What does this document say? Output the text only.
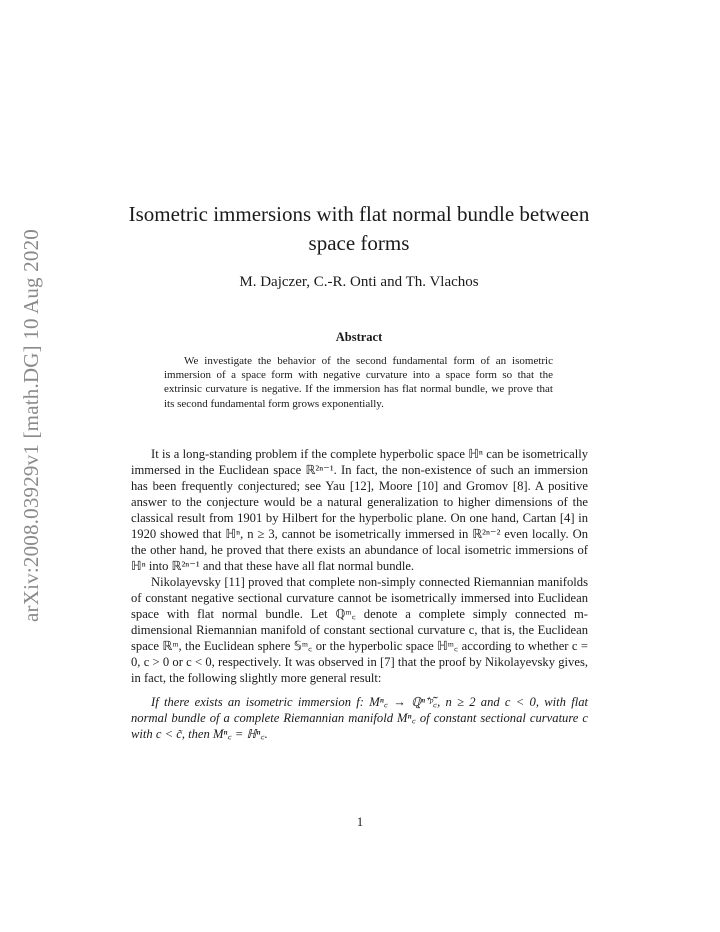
arXiv:2008.03929v1 [math.DG] 10 Aug 2020
Isometric immersions with flat normal bundle between space forms
M. Dajczer, C.-R. Onti and Th. Vlachos
Abstract
We investigate the behavior of the second fundamental form of an isometric immersion of a space form with negative curvature into a space form so that the extrinsic curvature is negative. If the immersion has flat normal bundle, we prove that its second fundamental form grows exponentially.

It is a long-standing problem if the complete hyperbolic space ℍⁿ can be isometrically immersed in the Euclidean space ℝ²ⁿ⁻¹. In fact, the non-existence of such an immersion has been frequently conjectured; see Yau [12], Moore [10] and Gromov [8]. A positive answer to the conjecture would be a natural generalization to higher dimensions of the classical result from 1901 by Hilbert for the hyperbolic plane. On one hand, Cartan [4] in 1920 showed that ℍⁿ, n ≥ 3, cannot be isometrically immersed in ℝ²ⁿ⁻² even locally. On the other hand, he proved that there exists an abundance of local isometric immersions of ℍⁿ into ℝ²ⁿ⁻¹ and that these have all flat normal bundle.

Nikolayevsky [11] proved that complete non-simply connected Riemannian manifolds of constant negative sectional curvature cannot be isometrically immersed into Euclidean space with flat normal bundle. Let ℚᵐ꜀ denote a complete simply connected m-dimensional Riemannian manifold of constant sectional curvature c, that is, the Euclidean space ℝᵐ, the Euclidean sphere 𝕊ᵐ꜀ or the hyperbolic space ℍᵐ꜀ according to whether c = 0, c > 0 or c < 0, respectively. It was observed in [7] that the proof by Nikolayevsky gives, in fact, the following slightly more general result:

If there exists an isometric immersion f: Mⁿ꜀ → ℚⁿ⁺ᵖ꜀̃, n ≥ 2 and c < 0, with flat normal bundle of a complete Riemannian manifold Mⁿ꜀ of constant sectional curvature c with c < c̃, then Mⁿ꜀ = ℍⁿ꜀.

1
